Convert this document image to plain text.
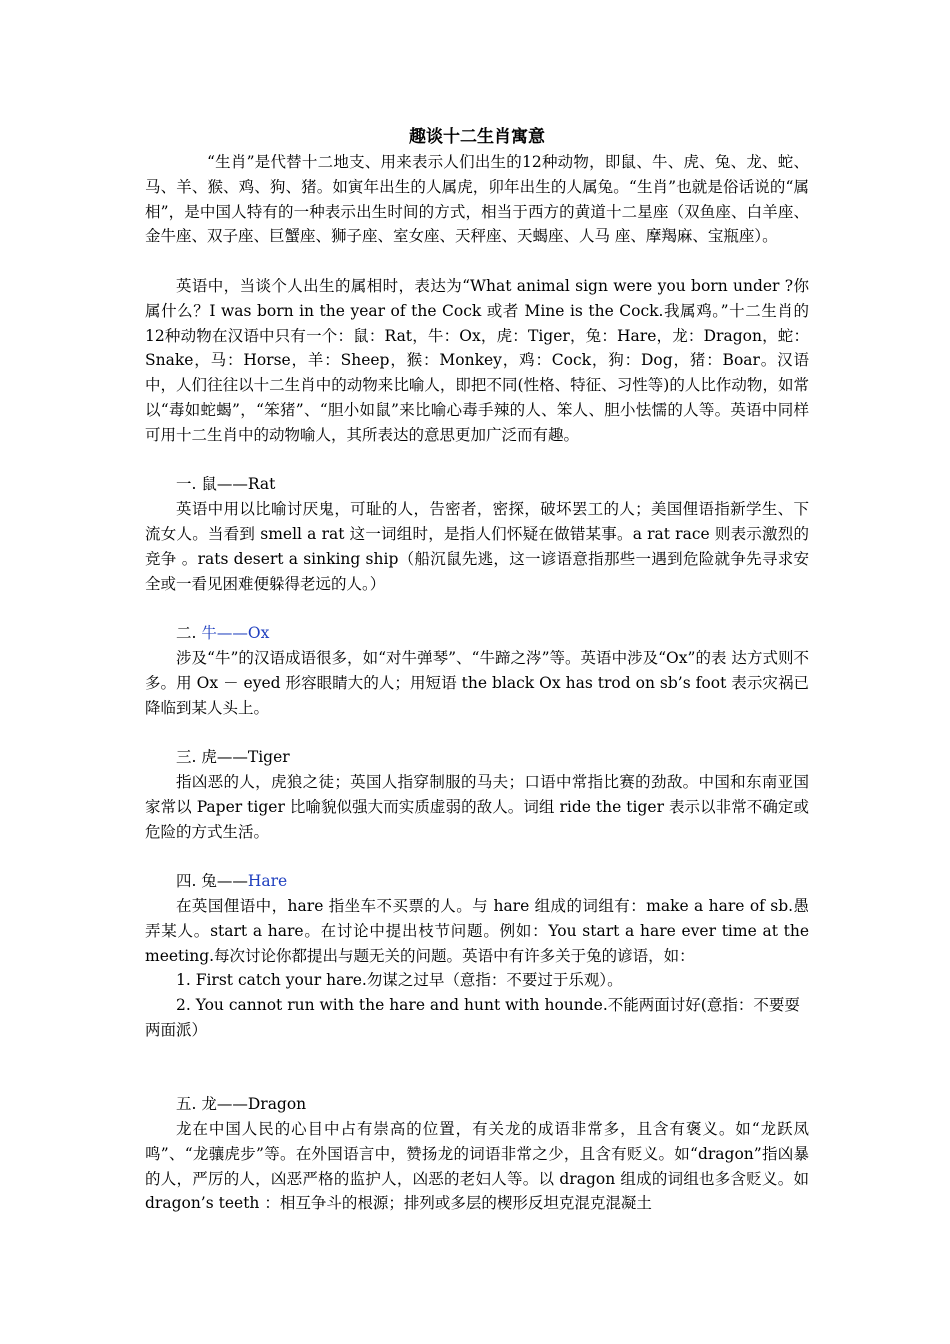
趣谈十二生肖寓意

“生肖”是代替十二地支、用来表示人们出生的12种动物，即鼠、牛、虎、兔、龙、蛇、马、羊、猴、鸡、狗、猪。如寅年出生的人属虎，卯年出生的人属兔。“生肖”也就是俗话说的“属相”，是中国人特有的一种表示出生时间的方式，相当于西方的黄道十二星座（双鱼座、白羊座、金牛座、双子座、巨蟹座、狮子座、室女座、天秤座、天蝎座、人马 座、摩羯麻、宝瓶座）。

英语中，当谈个人出生的属相时，表达为“What animal sign were you born under ?你属什么？I was born in the year of the Cock 或者 Mine is the Cock.我属鸡。”十二生肖的12种动物在汉语中只有一个：鼠：Rat，牛：Ox，虎：Tiger，兔：Hare，龙：Dragon，蛇：Snake，马：Horse，羊：Sheep，猴：Monkey，鸡：Cock，狗：Dog，猪：Boar。汉语中，人们往往以十二生肖中的动物来比喻人，即把不同(性格、特征、习性等)的人比作动物，如常以“毒如蛇蝎”，“笨猪”、“胆小如鼠”来比喻心毒手辣的人、笨人、胆小怯懦的人等。英语中同样可用十二生肖中的动物喻人，其所表达的意思更加广泛而有趣。

一. 鼠——Rat

英语中用以比喻讨厌鬼，可耻的人，告密者，密探，破坏罢工的人；美国俚语指新学生、下流女人。当看到 smell a rat 这一词组时，是指人们怀疑在做错某事。a rat race 则表示激烈的竞争 。rats desert a sinking ship（船沉鼠先逃，这一谚语意指那些一遇到危险就争先寻求安全或一看见困难便躲得老远的人。）

二. 牛——Ox

涉及“牛”的汉语成语很多，如“对牛弹琴”、“牛蹄之涔”等。英语中涉及“Ox”的表 达方式则不多。用 Ox － eyed 形容眼睛大的人；用短语 the black Ox has trod on sb’s foot 表示灾祸已降临到某人头上。

三. 虎——Tiger

指凶恶的人，虎狼之徒；英国人指穿制服的马夫；口语中常指比赛的劲敌。中国和东南亚国家常以 Paper tiger 比喻貌似强大而实质虚弱的敌人。词组 ride the tiger 表示以非常不确定或危险的方式生活。

四. 兔——Hare

在英国俚语中，hare 指坐车不买票的人。与 hare 组成的词组有：make a hare of sb.愚弄某人。start a hare。在讨论中提出枝节问题。例如：You start a hare ever time at the meeting.每次讨论你都提出与题无关的问题。英语中有许多关于兔的谚语，如：

1. First catch your hare.勿谋之过早（意指：不要过于乐观）。
2. You cannot run with the hare and hunt with hounde.不能两面讨好(意指：不要耍两面派）
五. 龙——Dragon

龙在中国人民的心目中占有崇高的位置，有关龙的成语非常多，且含有褒义。如“龙跃凤鸣”、“龙骧虎步”等。在外国语言中，赞扬龙的词语非常之少，且含有贬义。如“dragon”指凶暴的人，严厉的人，凶恶严格的监护人，凶恶的老妇人等。以 dragon 组成的词组也多含贬义。如 dragon’s teeth ：相互争斗的根源；排列或多层的楔形反坦克混克混凝土
